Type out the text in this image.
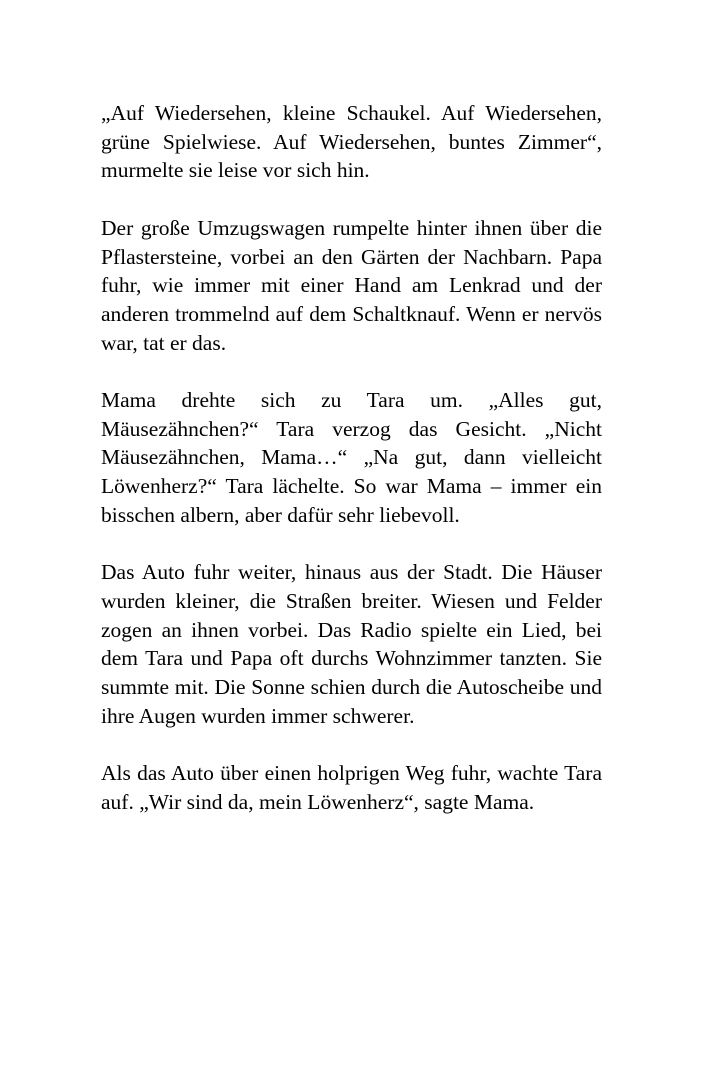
„Auf Wiedersehen, kleine Schaukel. Auf Wiedersehen, grüne Spielwiese. Auf Wiedersehen, buntes Zimmer“, murmelte sie leise vor sich hin.

Der große Umzugswagen rumpelte hinter ihnen über die Pflastersteine, vorbei an den Gärten der Nachbarn. Papa fuhr, wie immer mit einer Hand am Lenkrad und der anderen trommelnd auf dem Schaltknauf. Wenn er nervös war, tat er das.

Mama drehte sich zu Tara um. „Alles gut, Mäusezähnchen?“ Tara verzog das Gesicht. „Nicht Mäusezähnchen, Mama…“ „Na gut, dann vielleicht Löwenherz?“ Tara lächelte. So war Mama – immer ein bisschen albern, aber dafür sehr liebevoll.

Das Auto fuhr weiter, hinaus aus der Stadt. Die Häuser wurden kleiner, die Straßen breiter. Wiesen und Felder zogen an ihnen vorbei. Das Radio spielte ein Lied, bei dem Tara und Papa oft durchs Wohnzimmer tanzten. Sie summte mit. Die Sonne schien durch die Autoscheibe und ihre Augen wurden immer schwerer.

Als das Auto über einen holprigen Weg fuhr, wachte Tara auf. „Wir sind da, mein Löwenherz“, sagte Mama.
